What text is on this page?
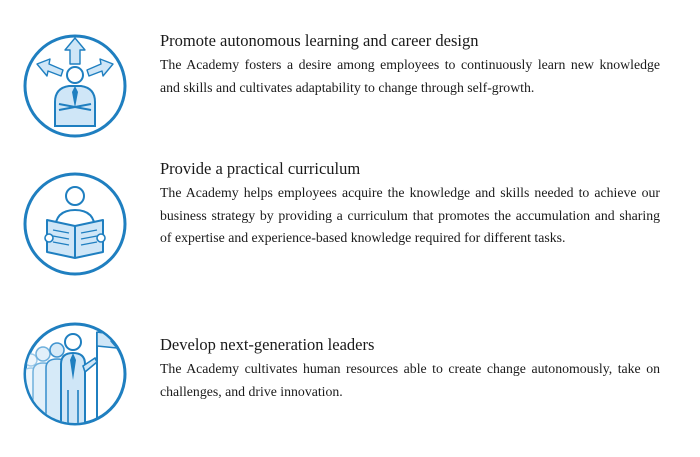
Promote autonomous learning and career design

The Academy fosters a desire among employees to continuously learn new knowledge and skills and cultivates adaptability to change through self-growth.

Provide a practical curriculum

The Academy helps employees acquire the knowledge and skills needed to achieve our business strategy by providing a curriculum that promotes the accumulation and sharing of expertise and experience-based knowledge required for different tasks.

Develop next-generation leaders

The Academy cultivates human resources able to create change autonomously, take on challenges, and drive innovation.
